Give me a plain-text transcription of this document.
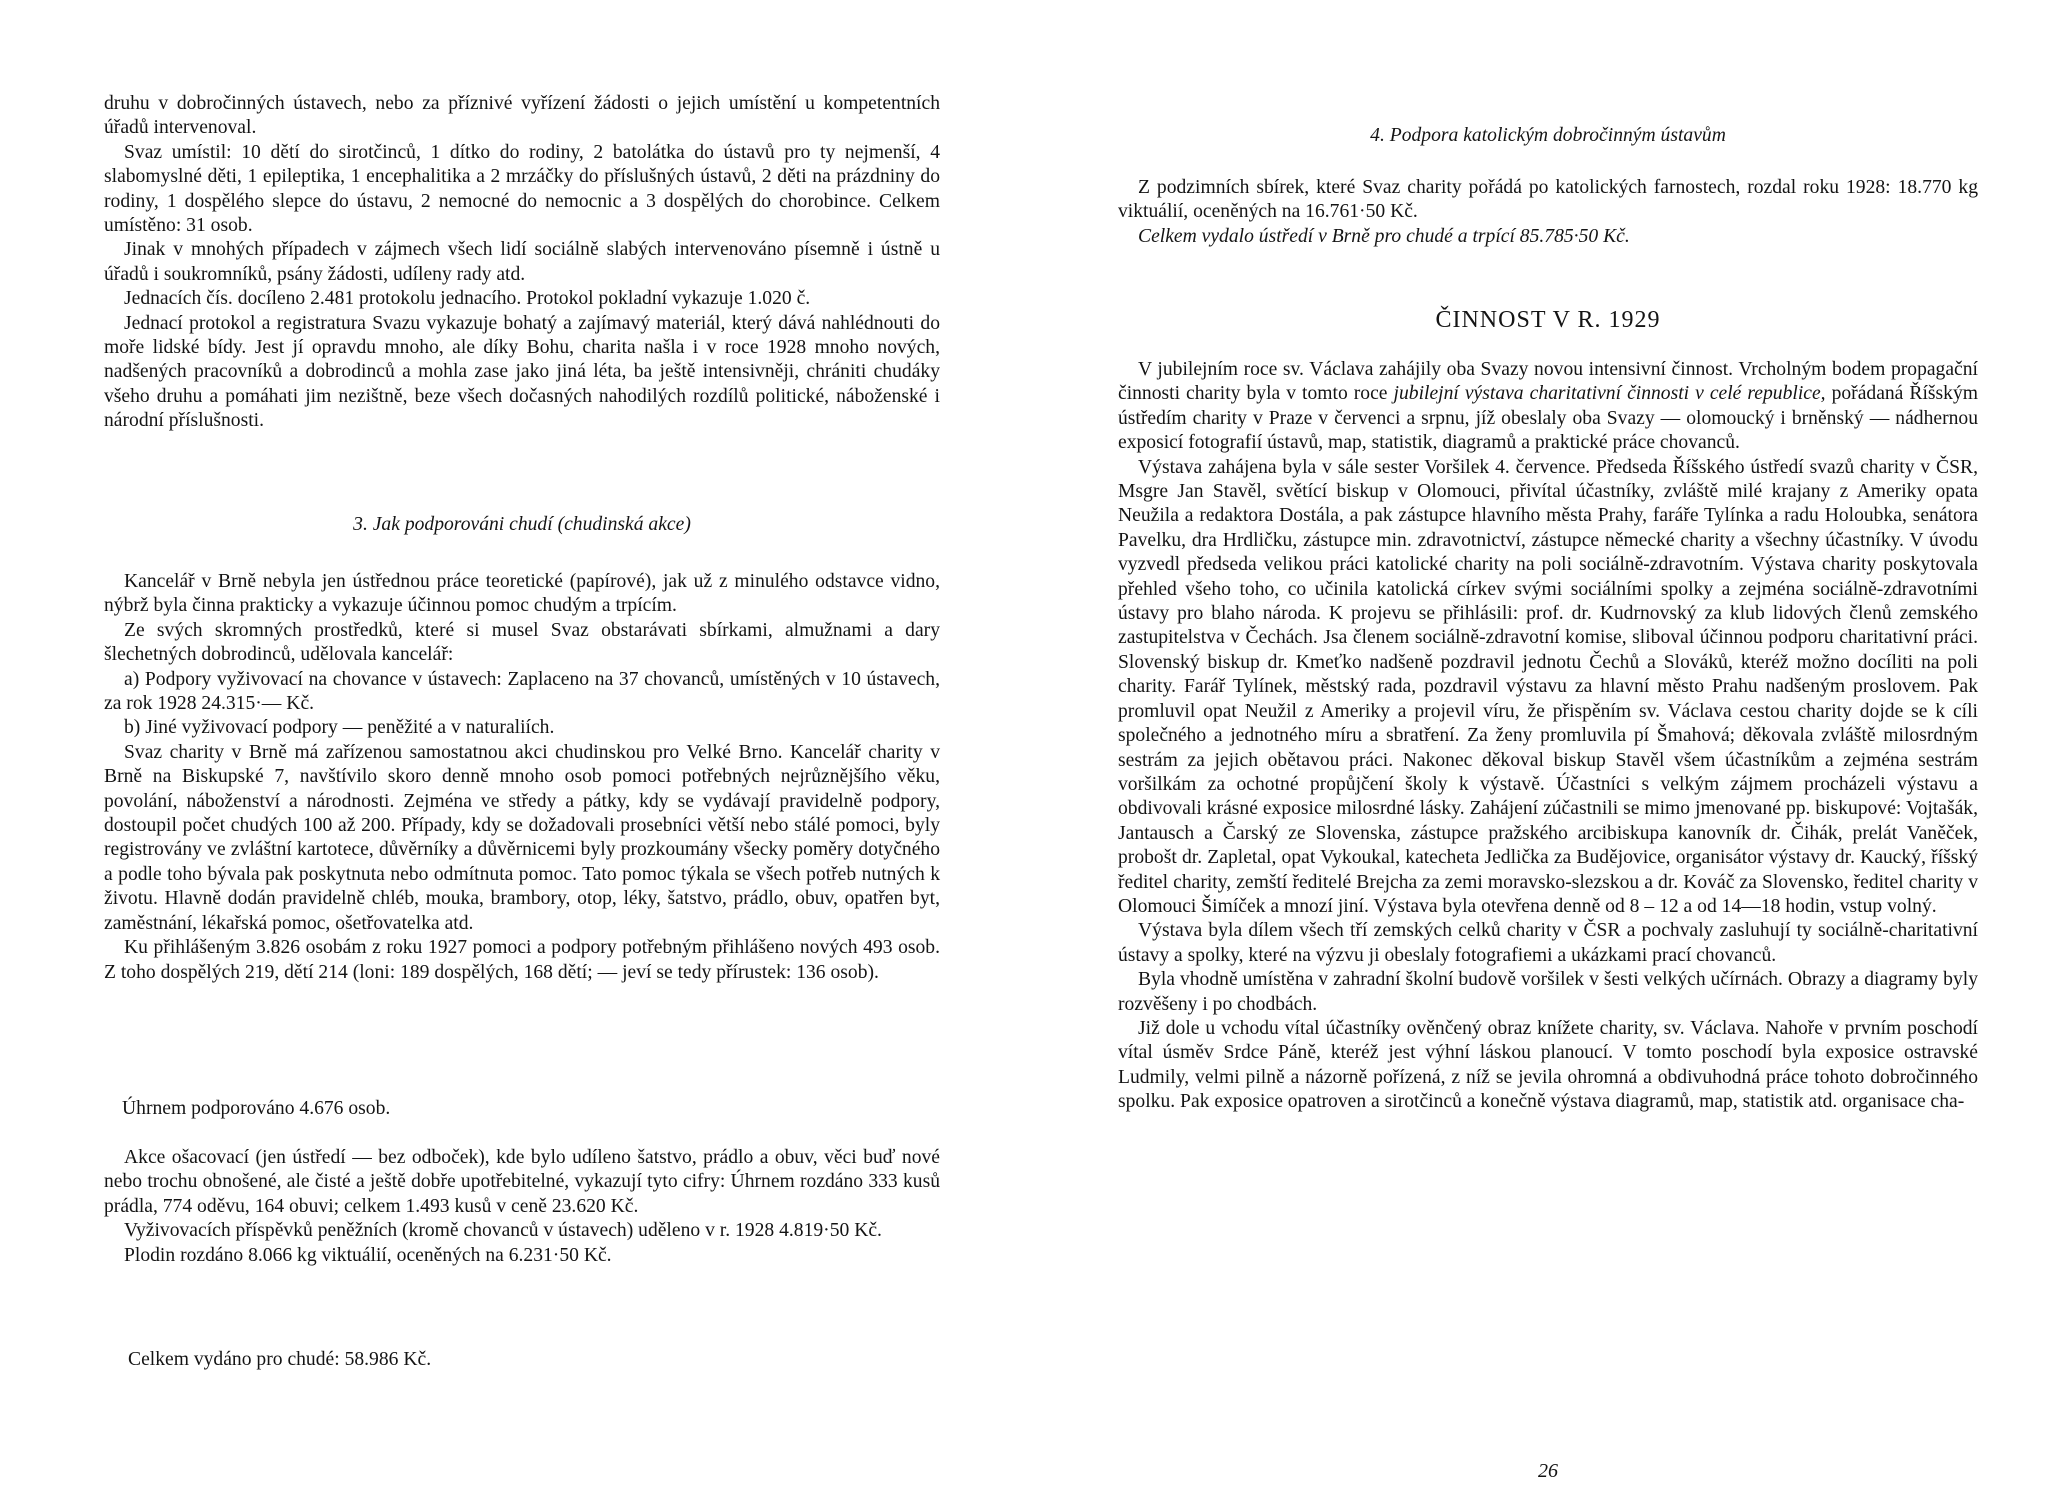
druhu v dobročinných ústavech, nebo za příznivé vyřízení žádosti o jejich umístění u kompetentních úřadů intervenoval.

Svaz umístil: 10 dětí do sirotčinců, 1 dítko do rodiny, 2 batolátka do ústavů pro ty nejmenší, 4 slabomyslné děti, 1 epileptika, 1 encephalitika a 2 mrzáčky do příslušných ústavů, 2 děti na prázdniny do rodiny, 1 dospělého slepce do ústavu, 2 nemocné do nemocnic a 3 dospělých do chorobince. Celkem umístěno: 31 osob.

Jinak v mnohých případech v zájmech všech lidí sociálně slabých intervenováno písemně i ústně u úřadů i soukromníků, psány žádosti, udíleny rady atd.

Jednacích čís. docíleno 2.481 protokolu jednacího. Protokol pokladní vykazuje 1.020 č.

Jednací protokol a registratura Svazu vykazuje bohatý a zajímavý materiál, který dává nahlédnouti do moře lidské bídy. Jest jí opravdu mnoho, ale díky Bohu, charita našla i v roce 1928 mnoho nových, nadšených pracovníků a dobrodinců a mohla zase jako jiná léta, ba ještě intensivněji, chrániti chudáky všeho druhu a pomáhati jim nezištně, beze všech dočasných nahodilých rozdílů politické, náboženské i národní příslušnosti.

3. Jak podporováni chudí (chudinská akce)

Kancelář v Brně nebyla jen ústřednou práce teoretické (papírové), jak už z minulého odstavce vidno, nýbrž byla činna prakticky a vykazuje účinnou pomoc chudým a trpícím.

Ze svých skromných prostředků, které si musel Svaz obstarávati sbírkami, almužnami a dary šlechetných dobrodinců, udělovala kancelář:

a) Podpory vyživovací na chovance v ústavech: Zaplaceno na 37 chovanců, umístěných v 10 ústavech, za rok 1928 24.315·— Kč.

b) Jiné vyživovací podpory — peněžité a v naturaliích.

Svaz charity v Brně má zařízenou samostatnou akci chudinskou pro Velké Brno. Kancelář charity v Brně na Biskupské 7, navštívilo skoro denně mnoho osob pomoci potřebných nejrůznějšího věku, povolání, náboženství a národnosti. Zejména ve středy a pátky, kdy se vydávají pravidelně podpory, dostoupil počet chudých 100 až 200. Případy, kdy se dožadovali prosebníci větší nebo stálé pomoci, byly registrovány ve zvláštní kartotece, důvěrníky a důvěrnicemi byly prozkoumány všecky poměry dotyčného a podle toho bývala pak poskytnuta nebo odmítnuta pomoc. Tato pomoc týkala se všech potřeb nutných k životu. Hlavně dodán pravidelně chléb, mouka, brambory, otop, léky, šatstvo, prádlo, obuv, opatřen byt, zaměstnání, lékařská pomoc, ošetřovatelka atd.

Ku přihlášeným 3.826 osobám z roku 1927 pomoci a podpory potřebným přihlášeno nových 493 osob. Z toho dospělých 219, dětí 214 (loni: 189 dospělých, 168 dětí; — jeví se tedy přírustek: 136 osob).

Úhrnem podporováno 4.676 osob.

Akce ošacovací (jen ústředí — bez odboček), kde bylo udíleno šatstvo, prádlo a obuv, věci buď nové nebo trochu obnošené, ale čisté a ještě dobře upotřebitelné, vykazují tyto cifry: Úhrnem rozdáno 333 kusů prádla, 774 oděvu, 164 obuvi; celkem 1.493 kusů v ceně 23.620 Kč.

Vyživovacích příspěvků peněžních (kromě chovanců v ústavech) uděleno v r. 1928 4.819·50 Kč.

Plodin rozdáno 8.066 kg viktuálií, oceněných na 6.231·50 Kč.

Celkem vydáno pro chudé: 58.986 Kč.

4. Podpora katolickým dobročinným ústavům

Z podzimních sbírek, které Svaz charity pořádá po katolických farnostech, rozdal roku 1928: 18.770 kg viktuálií, oceněných na 16.761·50 Kč.

Celkem vydalo ústředí v Brně pro chudé a trpící 85.785·50 Kč.

ČINNOST V R. 1929

V jubilejním roce sv. Václava zahájily oba Svazy novou intensivní činnost. Vrcholným bodem propagační činnosti charity byla v tomto roce jubilejní výstava charitativní činnosti v celé republice, pořádaná Říšským ústředím charity v Praze v červenci a srpnu, jíž obeslaly oba Svazy — olomoucký i brněnský — nádhernou exposicí fotografií ústavů, map, statistik, diagramů a praktické práce chovanců.

Výstava zahájena byla v sále sester Voršilek 4. července. Předseda Říšského ústředí svazů charity v ČSR, Msgre Jan Stavěl, světící biskup v Olomouci, přivítal účastníky, zvláště milé krajany z Ameriky opata Neužila a redaktora Dostála, a pak zástupce hlavního města Prahy, faráře Tylínka a radu Holoubka, senátora Pavelku, dra Hrdličku, zástupce min. zdravotnictví, zástupce německé charity a všechny účastníky. V úvodu vyzvedl předseda velikou práci katolické charity na poli sociálně-zdravotním. Výstava charity poskytovala přehled všeho toho, co učinila katolická církev svými sociálními spolky a zejména sociálně-zdravotními ústavy pro blaho národa. K projevu se přihlásili: prof. dr. Kudrnovský za klub lidových členů zemského zastupitelstva v Čechách. Jsa členem sociálně-zdravotní komise, sliboval účinnou podporu charitativní práci. Slovenský biskup dr. Kmeťko nadšeně pozdravil jednotu Čechů a Slováků, kteréž možno docíliti na poli charity. Farář Tylínek, městský rada, pozdravil výstavu za hlavní město Prahu nadšeným proslovem. Pak promluvil opat Neužil z Ameriky a projevil víru, že přispěním sv. Václava cestou charity dojde se k cíli společného a jednotného míru a sbratření. Za ženy promluvila pí Šmahová; děkovala zvláště milosrdným sestrám za jejich obětavou práci. Nakonec děkoval biskup Stavěl všem účastníkům a zejména sestrám voršilkám za ochotné propůjčení školy k výstavě. Účastníci s velkým zájmem procházeli výstavu a obdivovali krásné exposice milosrdné lásky. Zahájení zúčastnili se mimo jmenované pp. biskupové: Vojtašák, Jantausch a Čarský ze Slovenska, zástupce pražského arcibiskupa kanovník dr. Čihák, prelát Vaněček, probošt dr. Zapletal, opat Vykoukal, katecheta Jedlička za Budějovice, organisátor výstavy dr. Kaucký, říšský ředitel charity, zemští ředitelé Brejcha za zemi moravsko-slezskou a dr. Kováč za Slovensko, ředitel charity v Olomouci Šimíček a mnozí jiní. Výstava byla otevřena denně od 8 – 12 a od 14—18 hodin, vstup volný.

Výstava byla dílem všech tří zemských celků charity v ČSR a pochvaly zasluhují ty sociálně-charitativní ústavy a spolky, které na výzvu ji obeslaly fotografiemi a ukázkami prací chovanců.

Byla vhodně umístěna v zahradní školní budově voršilek v šesti velkých učírnách. Obrazy a diagramy byly rozvěšeny i po chodbách.

Již dole u vchodu vítal účastníky ověnčený obraz knížete charity, sv. Václava. Nahoře v prvním poschodí vítal úsměv Srdce Páně, kteréž jest výhní láskou planoucí. V tomto poschodí byla exposice ostravské Ludmily, velmi pilně a názorně pořízená, z níž se jevila ohromná a obdivuhodná práce tohoto dobročinného spolku. Pak exposice opatroven a sirotčinců a konečně výstava diagramů, map, statistik atd. organisace cha-

26
